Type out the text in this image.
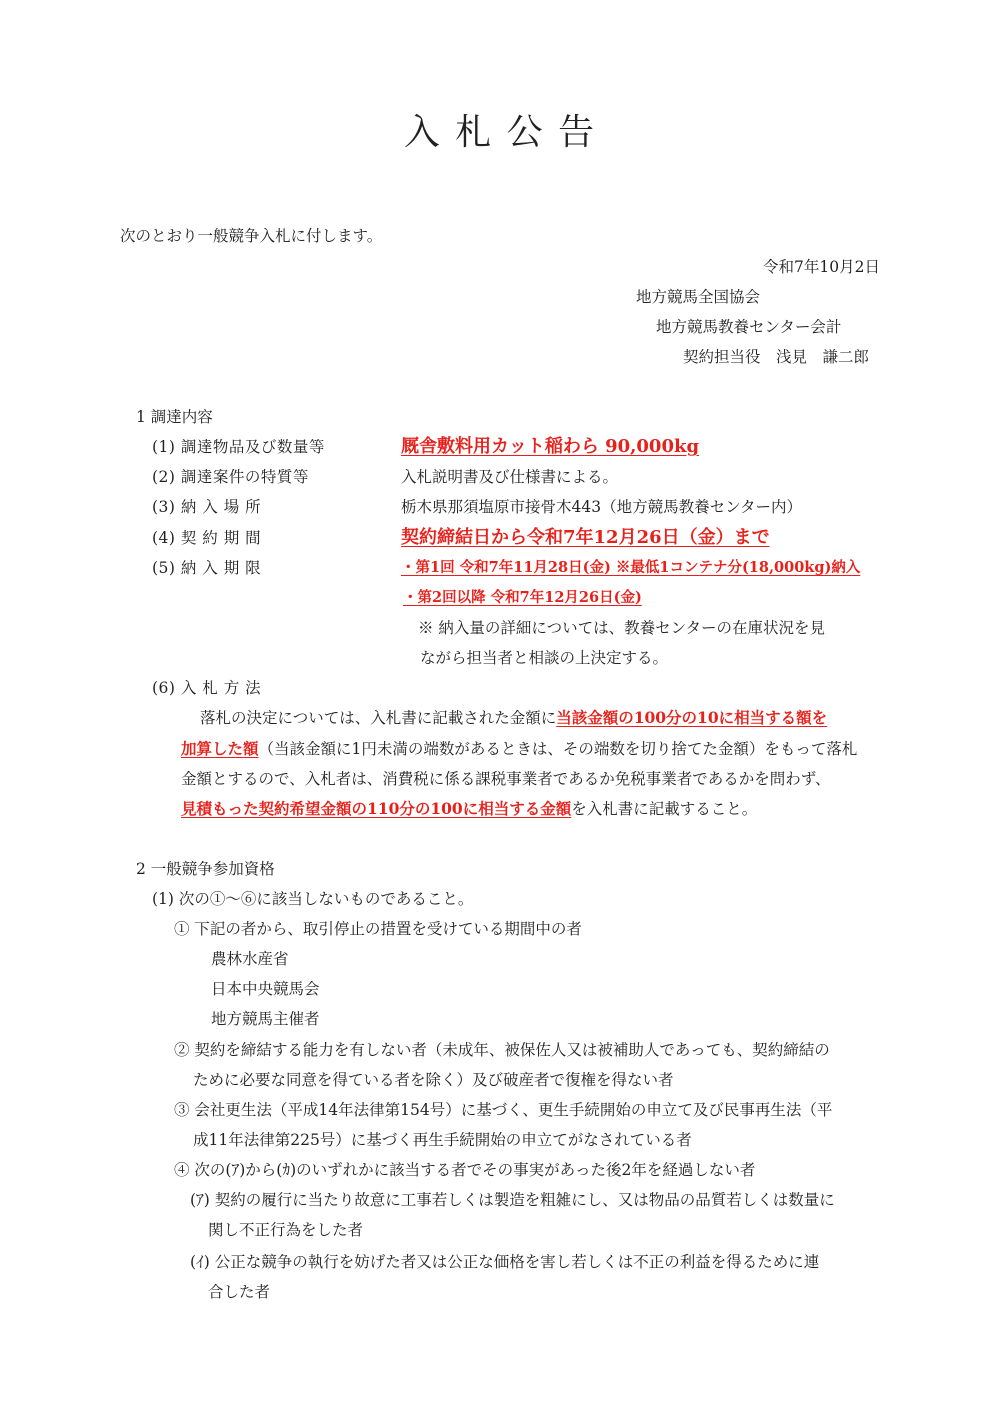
入 札 公 告
次のとおり一般競争入札に付します。
令和7年10月2日
地方競馬全国協会
地方競馬教養センター会計
契約担当役　浅見　謙二郎
1 調達内容
(1) 調達物品及び数量等	厩舎敷料用カット稲わら 90,000kg
(2) 調達案件の特質等	入札説明書及び仕様書による。
(3) 納 入 場 所	栃木県那須塩原市接骨木443（地方競馬教養センター内）
(4) 契 約 期 間	契約締結日から令和7年12月26日（金）まで
(5) 納 入 期 限	・第1回 令和7年11月28日(金) ※最低1コンテナ分(18,000kg)納入
・第2回以降 令和7年12月26日(金)
※ 納入量の詳細については、教養センターの在庫状況を見
ながら担当者と相談の上決定する。
(6) 入 札 方 法
落札の決定については、入札書に記載された金額に当該金額の100分の10に相当する額を
加算した額（当該金額に1円未満の端数があるときは、その端数を切り捨てた金額）をもって落札
金額とするので、入札者は、消費税に係る課税事業者であるか免税事業者であるかを問わず、
見積もった契約希望金額の110分の100に相当する金額を入札書に記載すること。
2 一般競争参加資格
(1) 次の①～⑥に該当しないものであること。
① 下記の者から、取引停止の措置を受けている期間中の者
農林水産省
日本中央競馬会
地方競馬主催者
② 契約を締結する能力を有しない者（未成年、被保佐人又は被補助人であっても、契約締結の
ために必要な同意を得ている者を除く）及び破産者で復権を得ない者
③ 会社更生法（平成14年法律第154号）に基づく、更生手続開始の申立て及び民事再生法（平
成11年法律第225号）に基づく再生手続開始の申立てがなされている者
④ 次の(ｱ)から(ｶ)のいずれかに該当する者でその事実があった後2年を経過しない者
(ｱ) 契約の履行に当たり故意に工事若しくは製造を粗雑にし、又は物品の品質若しくは数量に
関し不正行為をした者
(ｲ) 公正な競争の執行を妨げた者又は公正な価格を害し若しくは不正の利益を得るために連
合した者
